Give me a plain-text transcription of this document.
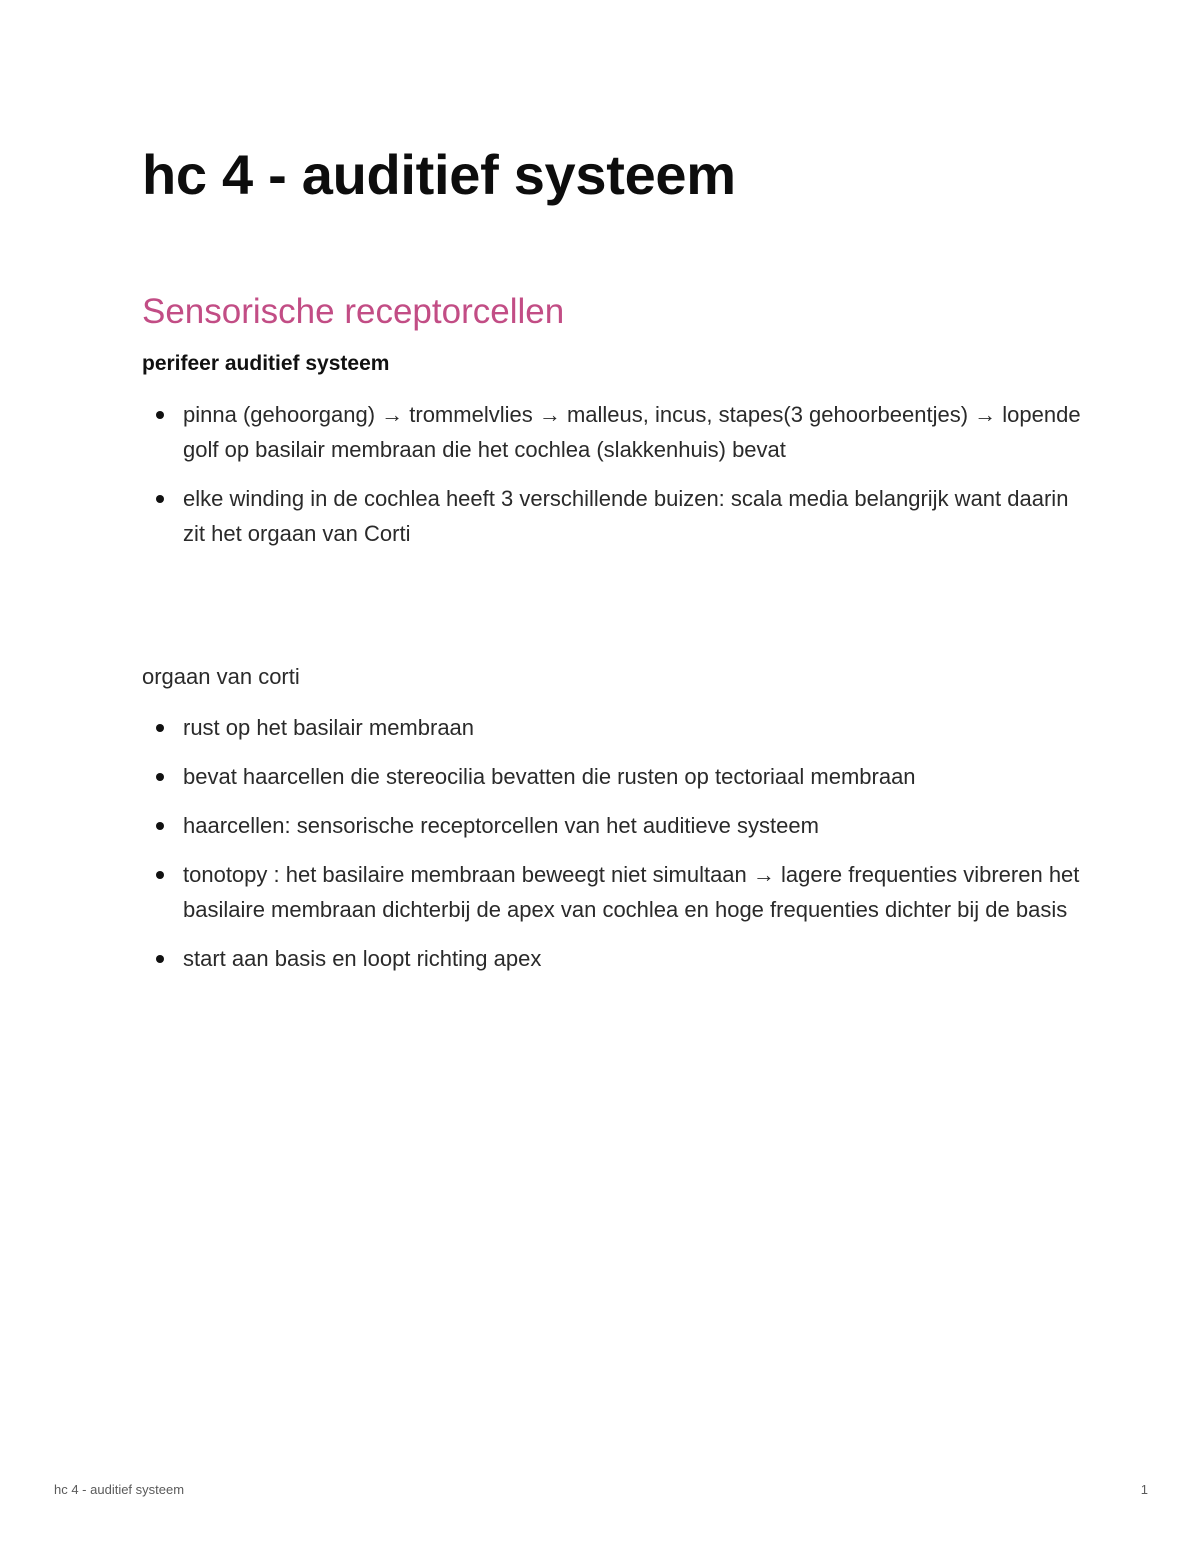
hc 4 - auditief systeem
Sensorische receptorcellen
perifeer auditief systeem
pinna (gehoorgang) → trommelvlies → malleus, incus, stapes(3 gehoorbeentjes) → lopende golf op basilair membraan die het cochlea (slakkenhuis) bevat
elke winding in de cochlea heeft 3 verschillende buizen: scala media belangrijk want daarin zit het orgaan van Corti

orgaan van corti

rust op het basilair membraan
bevat haarcellen die stereocilia bevatten die rusten op tectoriaal membraan
haarcellen: sensorische receptorcellen van het auditieve systeem
tonotopy : het basilaire membraan beweegt niet simultaan → lagere frequenties vibreren het basilaire membraan dichterbij de apex van cochlea en hoge frequenties dichter bij de basis
start aan basis en loopt richting apex
hc 4 - auditief systeem	1
